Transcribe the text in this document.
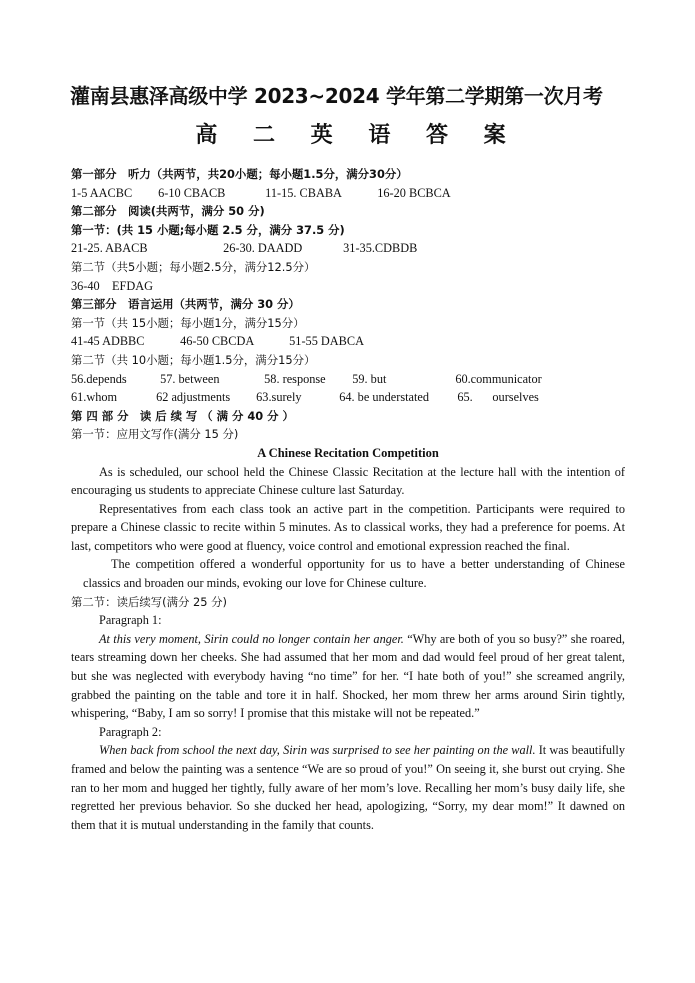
灌南县惠泽高级中学 2023~2024 学年第二学期第一次月考
高 二 英 语 答 案
第一部分　听力（共两节，共20小题；每小题1.5分，满分30分）
1-5 AACBC 6-10 CBACB	11-15. CBABA	16-20 BCBCA
第二部分　阅读(共两节，满分 50 分)
第一节：(共 15 小题;每小题 2.5 分，满分 37.5 分)
21-25. ABACB	26-30. DAADD	31-35.CDBDB
第二节（共5小题；每小题2.5分，满分12.5分）
36-40　EFDAG
第三部分　语言运用（共两节，满分 30 分）
第一节（共 15小题；每小题1分，满分15分）
41-45 ADBBC	46-50 CBCDA	51-55 DABCA
第二节（共 10小题；每小题1.5分，满分15分）
56.depends	57. between	58. response 59. but	60.communicator
61.whom	62 adjustments 63.surely	64. be understated 65. ourselves
第 四 部 分　读 后 续 写 （ 满 分 40 分 ）
第一节：应用文写作(满分 15 分)
A Chinese Recitation Competition

As is scheduled, our school held the Chinese Classic Recitation at the lecture hall with the intention of encouraging us students to appreciate Chinese culture last Saturday.

Representatives from each class took an active part in the competition. Participants were required to prepare a Chinese classic to recite within 5 minutes. As to classical works, they had a preference for poems. At last, competitors who were good at fluency, voice control and emotional expression reached the final.

The competition offered a wonderful opportunity for us to have a better understanding of Chinese classics and broaden our minds, evoking our love for Chinese culture.

第二节：读后续写(满分 25 分)
Paragraph 1:

At this very moment, Sirin could no longer contain her anger. “Why are both of you so busy?” she roared, tears streaming down her cheeks. She had assumed that her mom and dad would feel proud of her great talent, but she was neglected with everybody having “no time” for her. “I hate both of you!” she screamed angrily, grabbed the painting on the table and tore it in half. Shocked, her mom threw her arms around Sirin tightly, whispering, “Baby, I am so sorry! I promise that this mistake will not be repeated.”

Paragraph 2:

When back from school the next day, Sirin was surprised to see her painting on the wall. It was beautifully framed and below the painting was a sentence “We are so proud of you!” On seeing it, she burst out crying. She ran to her mom and hugged her tightly, fully aware of her mom’s love. Recalling her mom’s busy daily life, she regretted her previous behavior. So she ducked her head, apologizing, “Sorry, my dear mom!” It dawned on them that it is mutual understanding in the family that counts.
